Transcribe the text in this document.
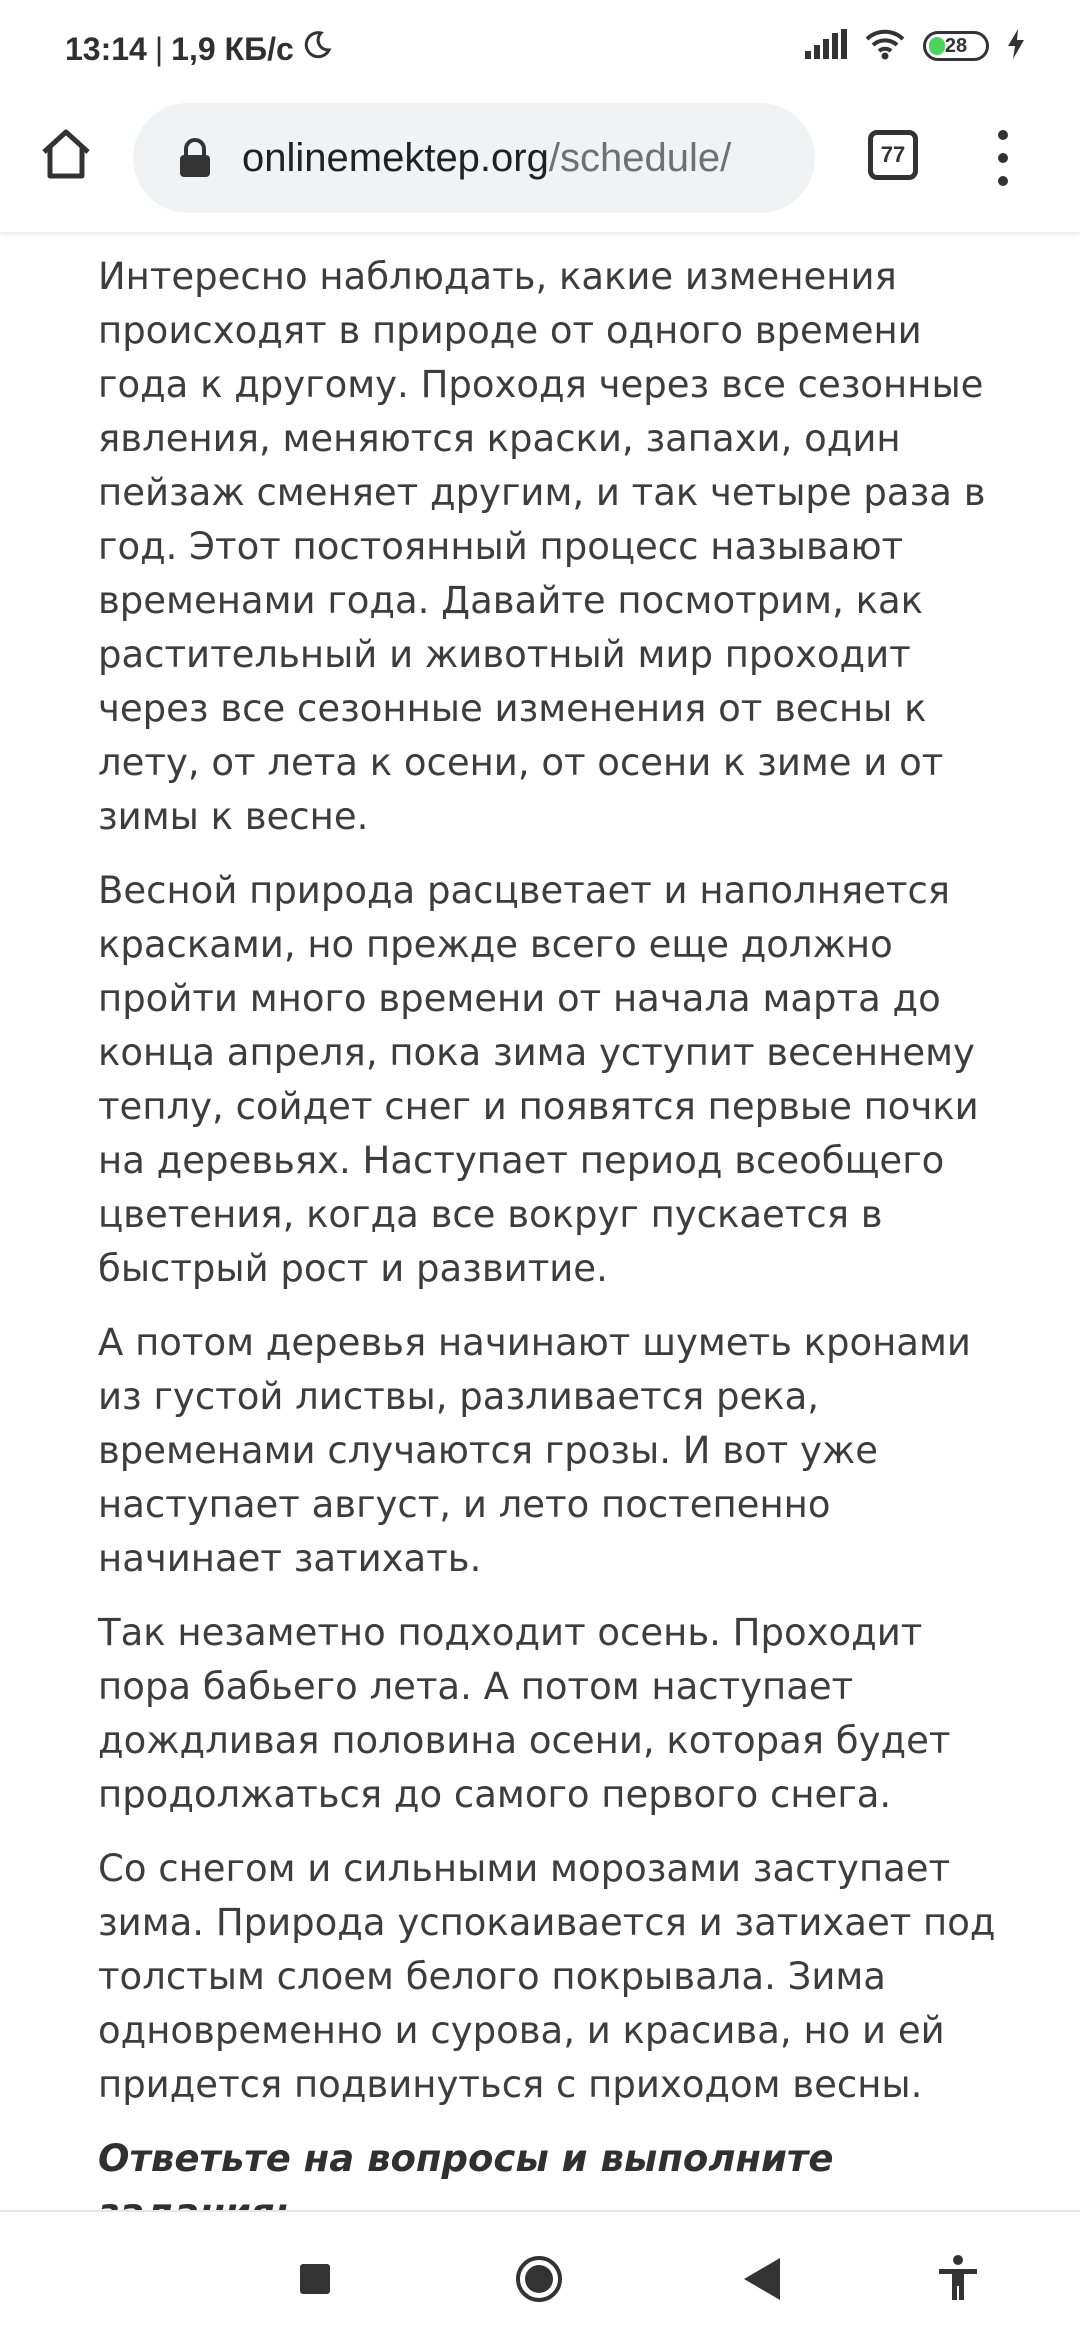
13:14 | 1,9 КБ/с	28
onlinemektep.org/schedule/	77

Интересно наблюдать, какие изменения происходят в природе от одного времени года к другому. Проходя через все сезонные явления, меняются краски, запахи, один пейзаж сменяет другим, и так четыре раза в год. Этот постоянный процесс называют временами года. Давайте посмотрим, как растительный и животный мир проходит через все сезонные изменения от весны к лету, от лета к осени, от осени к зиме и от зимы к весне.

Весной природа расцветает и наполняется красками, но прежде всего еще должно пройти много времени от начала марта до конца апреля, пока зима уступит весеннему теплу, сойдет снег и появятся первые почки на деревьях. Наступает период всеобщего цветения, когда все вокруг пускается в быстрый рост и развитие.

А потом деревья начинают шуметь кронами из густой листвы, разливается река, временами случаются грозы. И вот уже наступает август, и лето постепенно начинает затихать.

Так незаметно подходит осень. Проходит пора бабьего лета. А потом наступает дождливая половина осени, которая будет продолжаться до самого первого снега.

Со снегом и сильными морозами заступает зима. Природа успокаивается и затихает под толстым слоем белого покрывала. Зима одновременно и сурова, и красива, но и ей придется подвинуться с приходом весны.

Ответьте на вопросы и выполните
